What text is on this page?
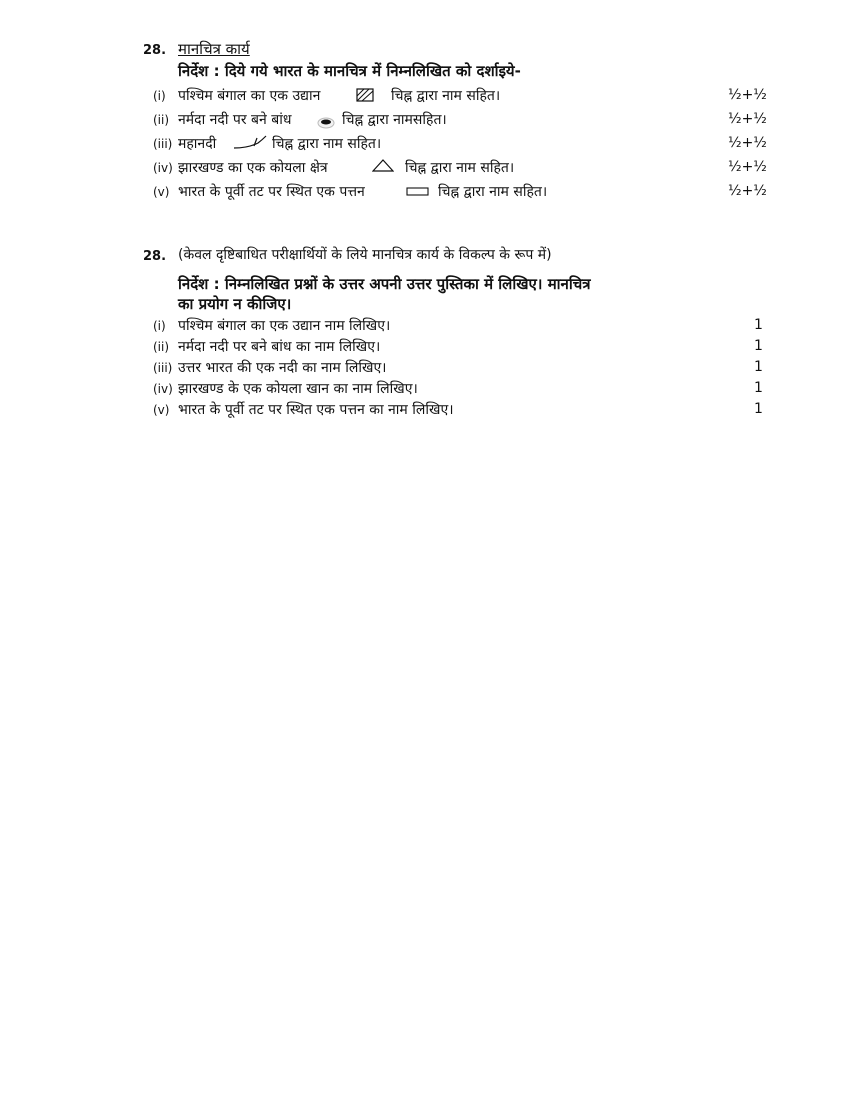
28. मानचित्र कार्य
निर्देश : दिये गये भारत के मानचित्र में निम्नलिखित को दर्शाइये-
(i) पश्चिम बंगाल का एक उद्यान	चिह्न द्वारा नाम सहित।	½+½
(ii) नर्मदा नदी पर बने बांध	चिह्न द्वारा नामसहित।	½+½
(iii) महानदी	चिह्न द्वारा नाम सहित।	½+½
(iv) झारखण्ड का एक कोयला क्षेत्र	चिह्न द्वारा नाम सहित।	½+½
(v) भारत के पूर्वी तट पर स्थित एक पत्तन	चिह्न द्वारा नाम सहित।	½+½
28. (केवल दृष्टिबाधित परीक्षार्थियों के लिये मानचित्र कार्य के विकल्प के रूप में)
निर्देश : निम्नलिखित प्रश्नों के उत्तर अपनी उत्तर पुस्तिका में लिखिए। मानचित्र
का प्रयोग न कीजिए।
(i) पश्चिम बंगाल का एक उद्यान नाम लिखिए।	1
(ii) नर्मदा नदी पर बने बांध का नाम लिखिए।	1
(iii) उत्तर भारत की एक नदी का नाम लिखिए।	1
(iv) झारखण्ड के एक कोयला खान का नाम लिखिए।	1
(v) भारत के पूर्वी तट पर स्थित एक पत्तन का नाम लिखिए।	1
